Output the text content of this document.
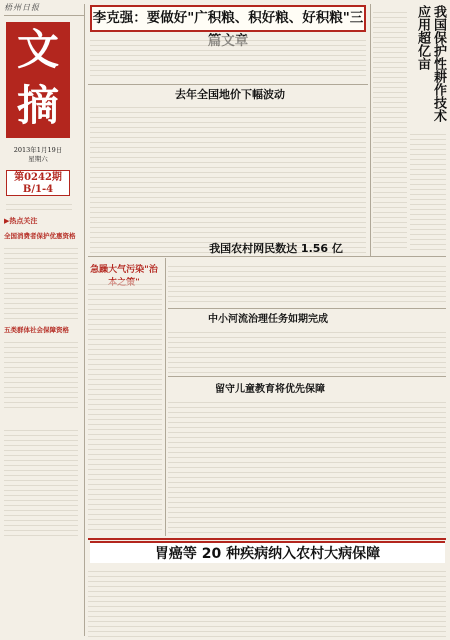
梧州日报
文
摘
2013年1月19日
星期六
第0242期
B/1-4
▶热点关注
全国消费者保护优惠资格
五类群体社会保障资格
李克强：要做好"广积粮、积好粮、好积粮"三	我国保护性耕作技术应用超亿亩
去年全国地价下幅波动
急躁大气污染"治
我国农村网民数达 1.56 亿
中小河流治理任务如期完成
留守儿童教育将优先保障
胃癌等 20 种疾病纳入农村大病保障
